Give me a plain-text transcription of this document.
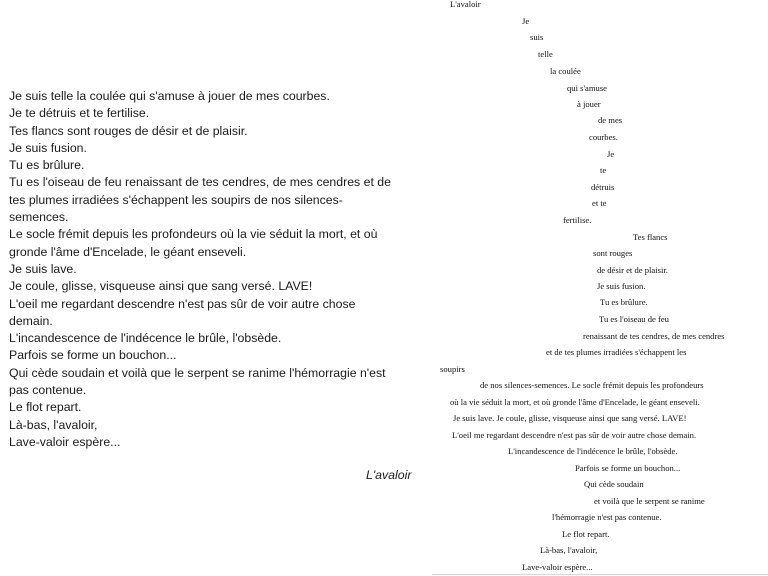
Je suis telle la coulée qui s'amuse à jouer de mes courbes.
Je te détruis et te fertilise.
Tes flancs sont rouges de désir et de plaisir.
Je suis fusion.
Tu es brûlure.
Tu es l'oiseau de feu renaissant de tes cendres, de mes cendres et de
tes plumes irradiées s'échappent les soupirs de nos silences-
semences.
Le socle frémit depuis les profondeurs où la vie séduit la mort, et où
gronde l'âme d'Encelade, le géant enseveli.
Je suis lave.
Je coule, glisse, visqueuse ainsi que sang versé. LAVE!
L'oeil me regardant descendre n'est pas sûr de voir autre chose
demain.
L'incandescence de l'indécence le brûle, l'obsède.
Parfois se forme un bouchon...
Qui cède soudain et voilà que le serpent se ranime l'hémorragie n'est
pas contenue.
Le flot repart.
Là-bas, l'avaloir,
Lave-valoir espère...
L'avaloir
L'avaloir
Je
suis
telle
la coulée
qui s'amuse
à jouer
de mes
courbes.
Je
te
détruis
et te
fertilise.
Tes flancs
sont rouges
de désir et de plaisir.
Je suis fusion.
Tu es brûlure.
Tu es l'oiseau de feu
renaissant de tes cendres, de mes cendres
et de tes plumes irradiées s'échappent les
soupirs
de nos silences-semences. Le socle frémit depuis les profondeurs
où la vie séduit la mort, et où gronde l'âme d'Encelade, le géant enseveli.
Je suis lave. Je coule, glisse, visqueuse ainsi que sang versé. LAVE!
L'oeil me regardant descendre n'est pas sûr de voir autre chose demain.
L'incandescence de l'indécence le brûle, l'obsède.
Parfois se forme un bouchon...
Qui cède soudain
et voilà que le serpent se ranime
l'hémorragie n'est pas contenue.
Le flot repart.
Là-bas, l'avaloir,
Lave-valoir espère...
